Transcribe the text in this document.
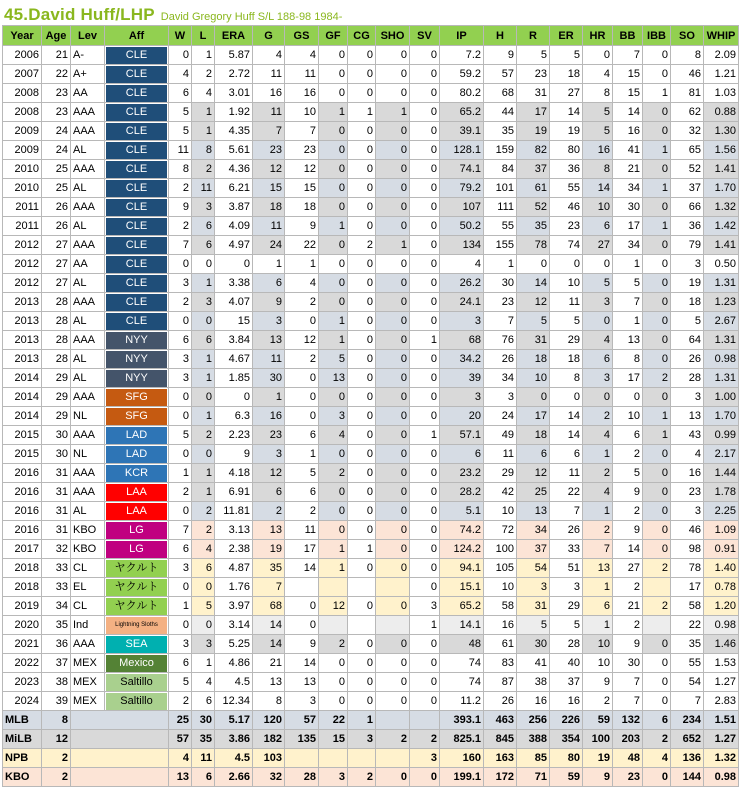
45.David Huff/LHP David Gregory Huff S/L 188-98 1984-
Year	Age	Lev	Aff	W	L	ERA	G	GS	GF	CG	SHO	SV	IP	H	R	ER	HR	BB	IBB	SO	WHIP
2006	21	A-	CLE	0	1	5.87	4	4	0	0	0	0	7.2	9	5	5	0	7	0	8	2.09
2007	22	A+	CLE	4	2	2.72	11	11	0	0	0	0	59.2	57	23	18	4	15	0	46	1.21
2008	23	AA	CLE	6	4	3.01	16	16	0	0	0	0	80.2	68	31	27	8	15	1	81	1.03
2008	23	AAA	CLE	5	1	1.92	11	10	1	1	1	0	65.2	44	17	14	5	14	0	62	0.88
2009	24	AAA	CLE	5	1	4.35	7	7	0	0	0	0	39.1	35	19	19	5	16	0	32	1.30
2009	24	AL	CLE	11	8	5.61	23	23	0	0	0	0	128.1	159	82	80	16	41	1	65	1.56
2010	25	AAA	CLE	8	2	4.36	12	12	0	0	0	0	74.1	84	37	36	8	21	0	52	1.41
2010	25	AL	CLE	2	11	6.21	15	15	0	0	0	0	79.2	101	61	55	14	34	1	37	1.70
2011	26	AAA	CLE	9	3	3.87	18	18	0	0	0	0	107	111	52	46	10	30	0	66	1.32
2011	26	AL	CLE	2	6	4.09	11	9	1	0	0	0	50.2	55	35	23	6	17	1	36	1.42
2012	27	AAA	CLE	7	6	4.97	24	22	0	2	1	0	134	155	78	74	27	34	0	79	1.41
2012	27	AA	CLE	0	0	0	1	1	0	0	0	0	4	1	0	0	0	1	0	3	0.50
2012	27	AL	CLE	3	1	3.38	6	4	0	0	0	0	26.2	30	14	10	5	5	0	19	1.31
2013	28	AAA	CLE	2	3	4.07	9	2	0	0	0	0	24.1	23	12	11	3	7	0	18	1.23
2013	28	AL	CLE	0	0	15	3	0	1	0	0	0	3	7	5	5	0	1	0	5	2.67
2013	28	AAA	NYY	6	6	3.84	13	12	1	0	0	1	68	76	31	29	4	13	0	64	1.31
2013	28	AL	NYY	3	1	4.67	11	2	5	0	0	0	34.2	26	18	18	6	8	0	26	0.98
2014	29	AL	NYY	3	1	1.85	30	0	13	0	0	0	39	34	10	8	3	17	2	28	1.31
2014	29	AAA	SFG	0	0	0	1	0	0	0	0	0	3	3	0	0	0	0	0	3	1.00
2014	29	NL	SFG	0	1	6.3	16	0	3	0	0	0	20	24	17	14	2	10	1	13	1.70
2015	30	AAA	LAD	5	2	2.23	23	6	4	0	0	1	57.1	49	18	14	4	6	1	43	0.99
2015	30	NL	LAD	0	0	9	3	1	0	0	0	0	6	11	6	6	1	2	0	4	2.17
2016	31	AAA	KCR	1	1	4.18	12	5	2	0	0	0	23.2	29	12	11	2	5	0	16	1.44
2016	31	AAA	LAA	2	1	6.91	6	6	0	0	0	0	28.2	42	25	22	4	9	0	23	1.78
2016	31	AL	LAA	0	2	11.81	2	2	0	0	0	0	5.1	10	13	7	1	2	0	3	2.25
2016	31	KBO	LG	7	2	3.13	13	11	0	0	0	0	74.2	72	34	26	2	9	0	46	1.09
2017	32	KBO	LG	6	4	2.38	19	17	1	1	0	0	124.2	100	37	33	7	14	0	98	0.91
2018	33	CL	ヤクルト	3	6	4.87	35	14	1	0	0	0	94.1	105	54	51	13	27	2	78	1.40
2018	33	EL	ヤクルト	0	0	1.76	7					0	15.1	10	3	3	1	2		17	0.78
2019	34	CL	ヤクルト	1	5	3.97	68	0	12	0	0	3	65.2	58	31	29	6	21	2	58	1.20
2020	35	Ind	Lightning Sloths	0	0	3.14	14	0				1	14.1	16	5	5	1	2		22	0.98
2021	36	AAA	SEA	3	3	5.25	14	9	2	0	0	0	48	61	30	28	10	9	0	35	1.46
2022	37	MEX	Mexico	6	1	4.86	21	14	0	0	0	0	74	83	41	40	10	30	0	55	1.53
2023	38	MEX	Saltillo	5	4	4.5	13	13	0	0	0	0	74	87	38	37	9	7	0	54	1.27
2024	39	MEX	Saltillo	2	6	12.34	8	3	0	0	0	0	11.2	26	16	16	2	7	0	7	2.83
MLB	8			25	30	5.17	120	57	22	1			393.1	463	256	226	59	132	6	234	1.51
MiLB	12			57	35	3.86	182	135	15	3	2	2	825.1	845	388	354	100	203	2	652	1.27
NPB	2			4	11	4.5	103					3	160	163	85	80	19	48	4	136	1.32
KBO	2			13	6	2.66	32	28	3	2	0	0	199.1	172	71	59	9	23	0	144	0.98
